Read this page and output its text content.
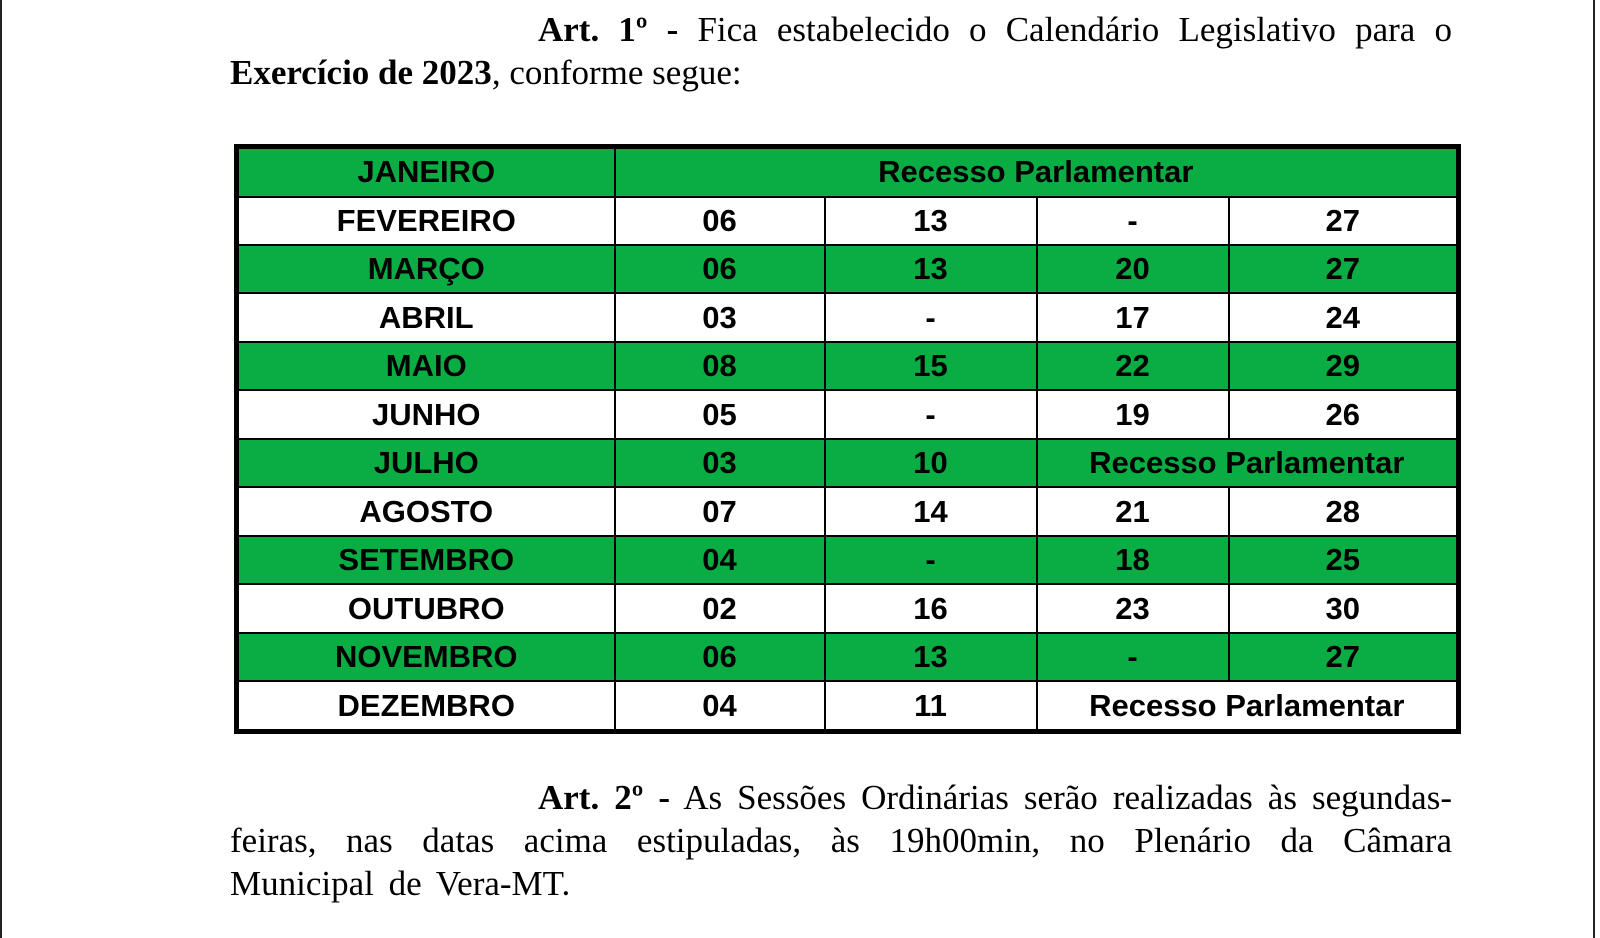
Art. 1º - Fica estabelecido o Calendário Legislativo para o Exercício de 2023, conforme segue:

JANEIRO	Recesso Parlamentar			
FEVEREIRO	06	13	-	27
MARÇO	06	13	20	27
ABRIL	03	-	17	24
MAIO	08	15	22	29
JUNHO	05	-	19	26
JULHO	03	10	Recesso Parlamentar	
AGOSTO	07	14	21	28
SETEMBRO	04	-	18	25
OUTUBRO	02	16	23	30
NOVEMBRO	06	13	-	27
DEZEMBRO	04	11	Recesso Parlamentar	

Art. 2º - As Sessões Ordinárias serão realizadas às segundas-feiras, nas datas acima estipuladas, às 19h00min, no Plenário da Câmara Municipal de Vera-MT.
